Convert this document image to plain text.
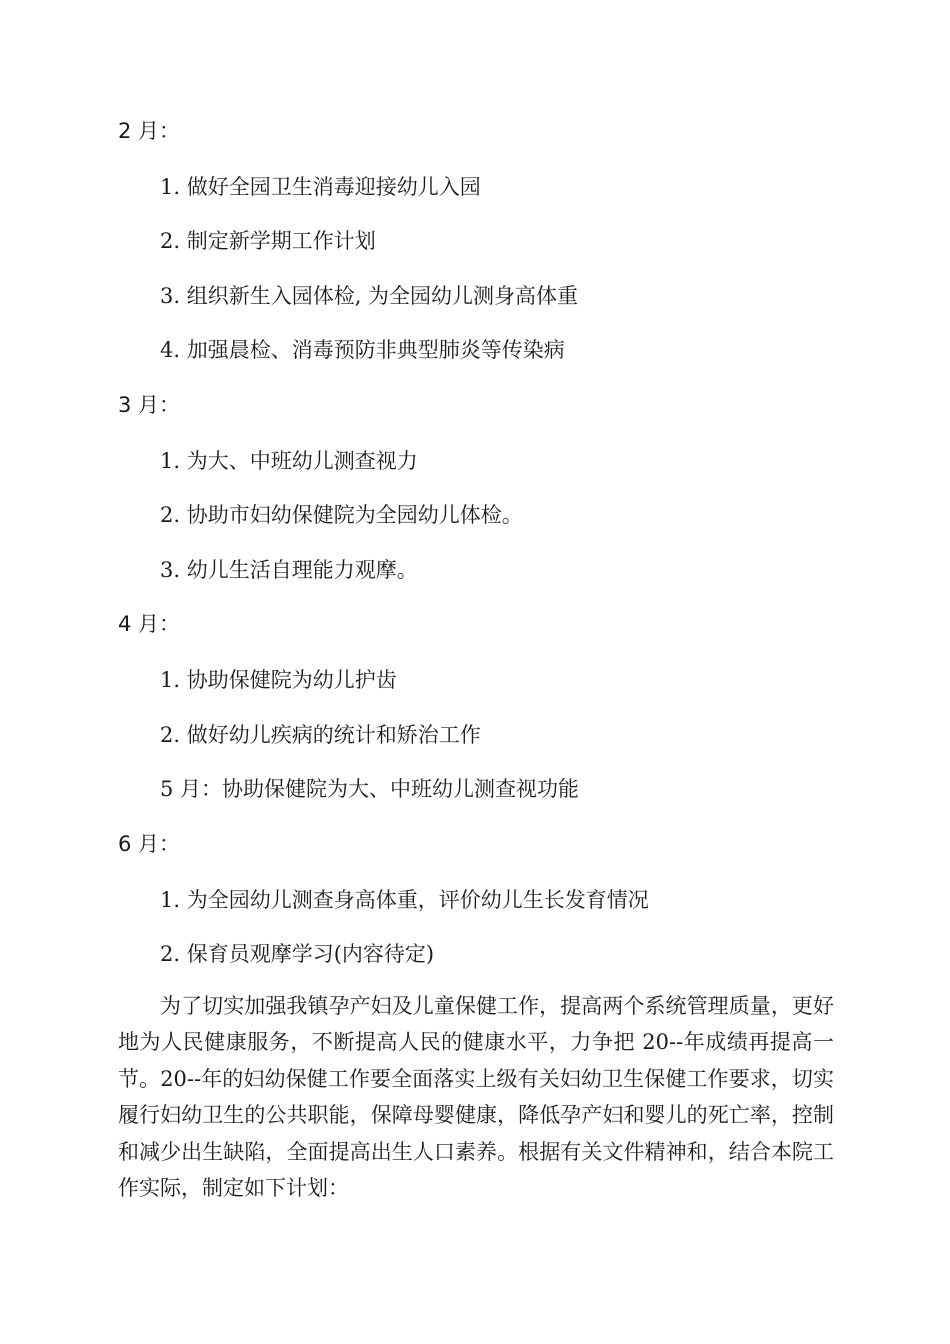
2 月：
1. 做好全园卫生消毒迎接幼儿入园
2. 制定新学期工作计划
3. 组织新生入园体检, 为全园幼儿测身高体重
4. 加强晨检、消毒预防非典型肺炎等传染病
3 月：
1. 为大、中班幼儿测查视力
2. 协助市妇幼保健院为全园幼儿体检。
3. 幼儿生活自理能力观摩。
4 月：
1. 协助保健院为幼儿护齿
2. 做好幼儿疾病的统计和矫治工作
5 月：协助保健院为大、中班幼儿测查视功能
6 月：
1. 为全园幼儿测查身高体重，评价幼儿生长发育情况
2. 保育员观摩学习(内容待定)
为了切实加强我镇孕产妇及儿童保健工作，提高两个系统管理质量，更好地为人民健康服务，不断提高人民的健康水平，力争把 20--年成绩再提高一节。20--年的妇幼保健工作要全面落实上级有关妇幼卫生保健工作要求，切实履行妇幼卫生的公共职能，保障母婴健康，降低孕产妇和婴儿的死亡率，控制和减少出生缺陷，全面提高出生人口素养。根据有关文件精神和，结合本院工作实际，制定如下计划：
